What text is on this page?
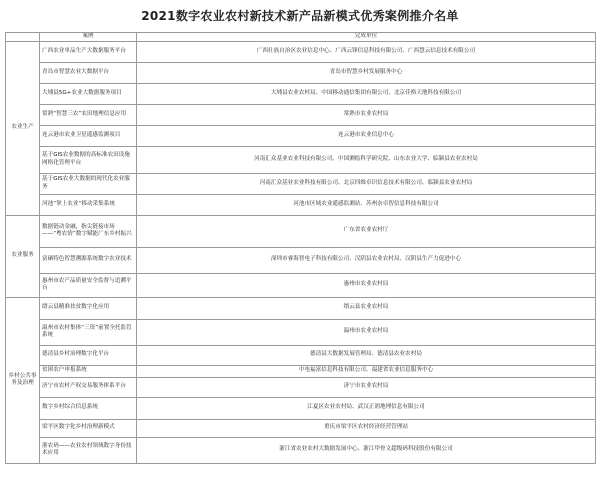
2021数字农业农村新技术新产品新模式优秀案例推介名单
	案例	完成单位
农业生产	广西农业单品生产大数据服务平台	广西壮族自治区农业信息中心、广西云锋信息科技有限公司、广西慧云信息技术有限公司
	青岛市智慧农业大数据平台	青岛市智慧乡村发展服务中心
	大埔县5G+农业大数据服务项目	大埔县农业农村局、中国移动通信集团有限公司、北京佳格天地科技有限公司
	常熟“智慧三农”农田地理信息应用	常熟市农业农村局
	连云港市农业卫星遥感监测项目	连云港市农业信息中心
	基于GIS农业数据的高标准农田设施网格化管理平台	河南汇众基业农业科技有限公司、中国测绘科学研究院、山东农业大学、临颍县农业农村局
	基于GIS农业大数据的现代化农业服务	河南汇众基业农业科技有限公司、北京四维卓识信息技术有限公司、临颍县农业农村局
	河池“掌上农业”移动采集系统	河池市区域农业遥感监测站、苏州奈卓智信息科技有限公司
农业服务	数据链动金融，指尖链接市场——“粤农情”数字赋能广东乡村振兴	广东省农业农村厅
	富硒特色智慧溯源系统数字农业技术	深圳市睿海智电子科技有限公司、汉阴县农业农村局、汉阴县生产力促进中心
	惠州市农产品质量安全监督与追溯平台	惠州市农业农村局
乡村公共事务及治理	缙云县精准扶贫数字化应用	缙云县农业农村局
	温州市农村集体“三资”前置全托监管系统	温州市农业农村局
	德清县乡村治理数字化平台	德清县大数据发展管理局、德清县农业农村局
	贫困农户申报系统	中电福富信息科技有限公司、福建省农业信息服务中心
	济宁市农村产权交易服务体系平台	济宁市农业农村局
	数字乡村综合信息系统	江夏区农业农村局、武汉正润地理信息有限公司
	梁平区数字化乡村治理新模式	重庆市梁平区农村经济经营管理站
	浙农码——农业农村领域数字身份技术应用	浙江省农业农村大数据发展中心、浙江甲骨文超级码科技股份有限公司
